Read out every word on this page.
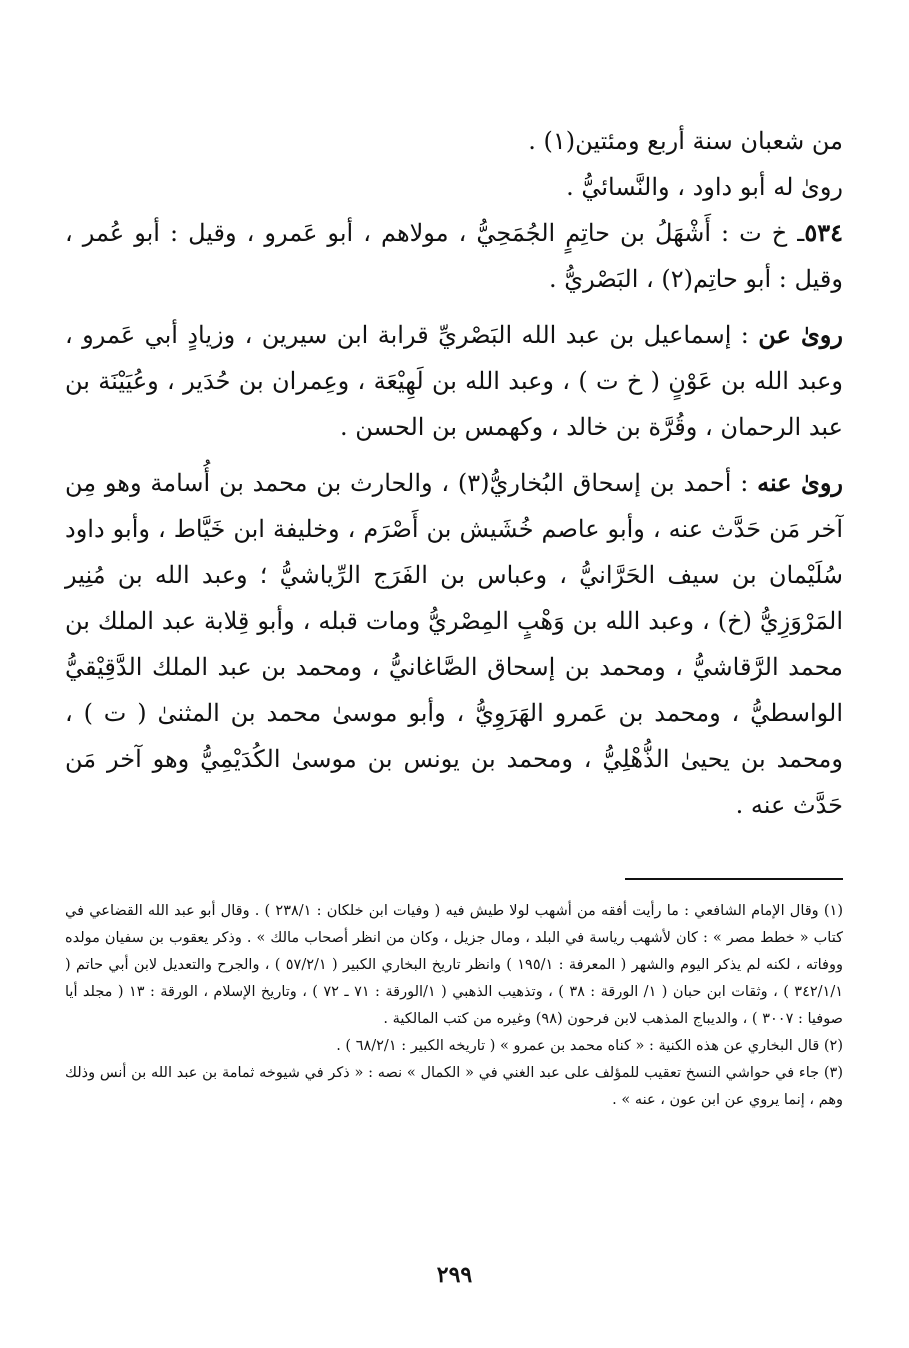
من شعبان سنة أربع ومئتين(١) .

روىٰ له أبو داود ، والنَّسائيُّ .

٥٣٤ـ خ ت : أَشْهَلُ بن حاتِمٍ الجُمَحِيُّ ، مولاهم ، أبو عَمرو ، وقيل : أبو عُمر ، وقيل : أبو حاتِم(٢) ، البَصْريُّ .

روىٰ عن : إسماعيل بن عبد الله البَصْريِّ قرابة ابن سيرين ، وزيادٍ أبي عَمرو ، وعبد الله بن عَوْنٍ ( خ ت ) ، وعبد الله بن لَهِيْعَة ، وعِمران بن حُدَير ، وعُيَيْنَة بن عبد الرحمان ، وقُرَّة بن خالد ، وكهمس بن الحسن .

روىٰ عنه : أحمد بن إسحاق البُخاريُّ(٣) ، والحارث بن محمد بن أُسامة وهو مِن آخر مَن حَدَّث عنه ، وأبو عاصم خُشَيش بن أَصْرَم ، وخليفة ابن خَيَّاط ، وأبو داود سُلَيْمان بن سيف الحَرَّانيُّ ، وعباس بن الفَرَج الرِّياشيُّ ؛ وعبد الله بن مُنِير المَرْوَزِيُّ (خ) ، وعبد الله بن وَهْبٍ المِصْريُّ ومات قبله ، وأبو قِلابة عبد الملك بن محمد الرَّقاشيُّ ، ومحمد بن إسحاق الصَّاغانيُّ ، ومحمد بن عبد الملك الدَّقِيْقيُّ الواسطيُّ ، ومحمد بن عَمرو الهَرَوِيُّ ، وأبو موسىٰ محمد بن المثنىٰ ( ت ) ، ومحمد بن يحيىٰ الذُّهْلِيُّ ، ومحمد بن يونس بن موسىٰ الكُدَيْمِيُّ وهو آخر مَن حَدَّث عنه .

(١) وقال الإمام الشافعي : ما رأيت أفقه من أشهب لولا طيش فيه ( وفيات ابن خلكان : ٢٣٨/١ ) . وقال أبو عبد الله القضاعي في كتاب « خطط مصر » : كان لأشهب رياسة في البلد ، ومال جزيل ، وكان من انظر أصحاب مالك » . وذكر يعقوب بن سفيان مولده ووفاته ، لكنه لم يذكر اليوم والشهر ( المعرفة : ١٩٥/١ ) وانظر تاريخ البخاري الكبير ( ٥٧/٢/١ ) ، والجرح والتعديل لابن أبي حاتم ( ٣٤٢/١/١ ) ، وثقات ابن حبان ( ١/ الورقة : ٣٨ ) ، وتذهيب الذهبي ( ١/الورقة : ٧١ ـ ٧٢ ) ، وتاريخ الإسلام ، الورقة : ١٣ ( مجلد أيا صوفيا : ٣٠٠٧ ) ، والديباج المذهب لابن فرحون (٩٨) وغيره من كتب المالكية .

(٢) قال البخاري عن هذه الكنية : « كناه محمد بن عمرو » ( تاريخه الكبير : ٦٨/٢/١ ) .

(٣) جاء في حواشي النسخ تعقيب للمؤلف على عبد الغني في « الكمال » نصه : « ذكر في شيوخه ثمامة بن عبد الله بن أنس وذلك وهم ، إنما يروي عن ابن عون ، عنه » .

٢٩٩
